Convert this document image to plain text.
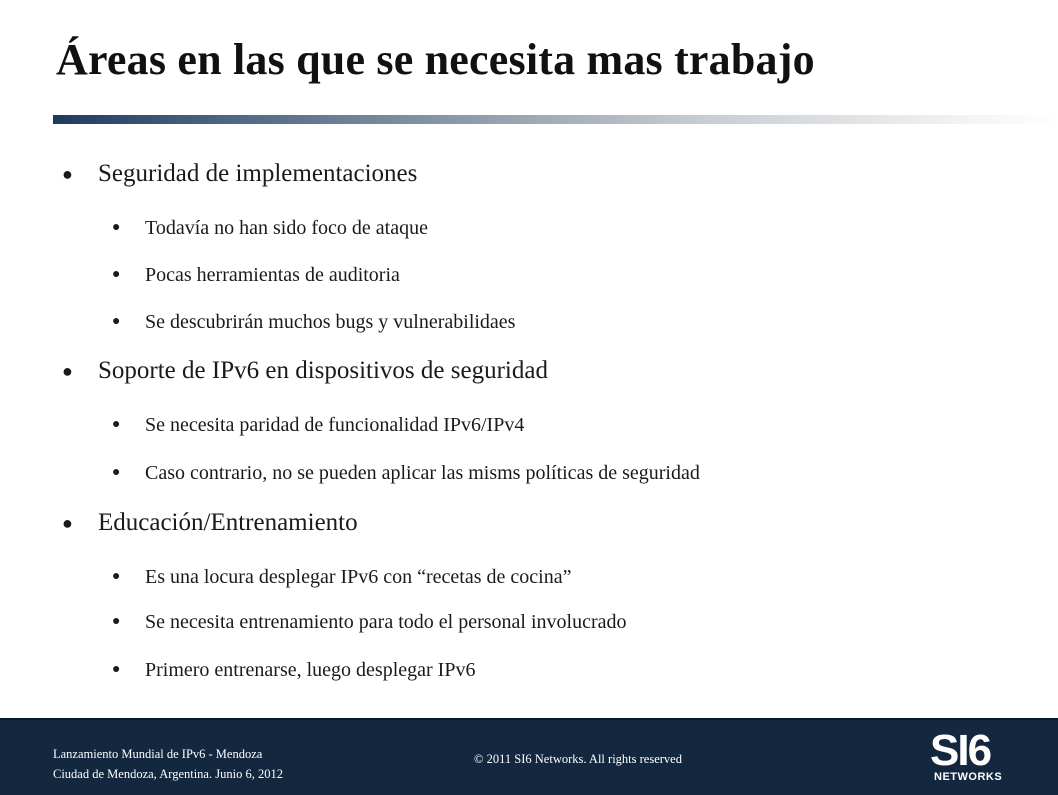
Áreas en las que se necesita mas trabajo
● Seguridad de implementaciones
● Todavía no han sido foco de ataque
● Pocas herramientas de auditoria
● Se descubrirán muchos bugs y vulnerabilidaes
● Soporte de IPv6 en dispositivos de seguridad
● Se necesita paridad de funcionalidad IPv6/IPv4
● Caso contrario, no se pueden aplicar las misms políticas de seguridad
● Educación/Entrenamiento
● Es una locura desplegar IPv6 con “recetas de cocina”
● Se necesita entrenamiento para todo el personal involucrado
● Primero entrenarse, luego desplegar IPv6
Lanzamiento Mundial de IPv6 - Mendoza
Ciudad de Mendoza, Argentina. Junio 6, 2012
© 2011 SI6 Networks. All rights reserved	SI6
NETWORKS
